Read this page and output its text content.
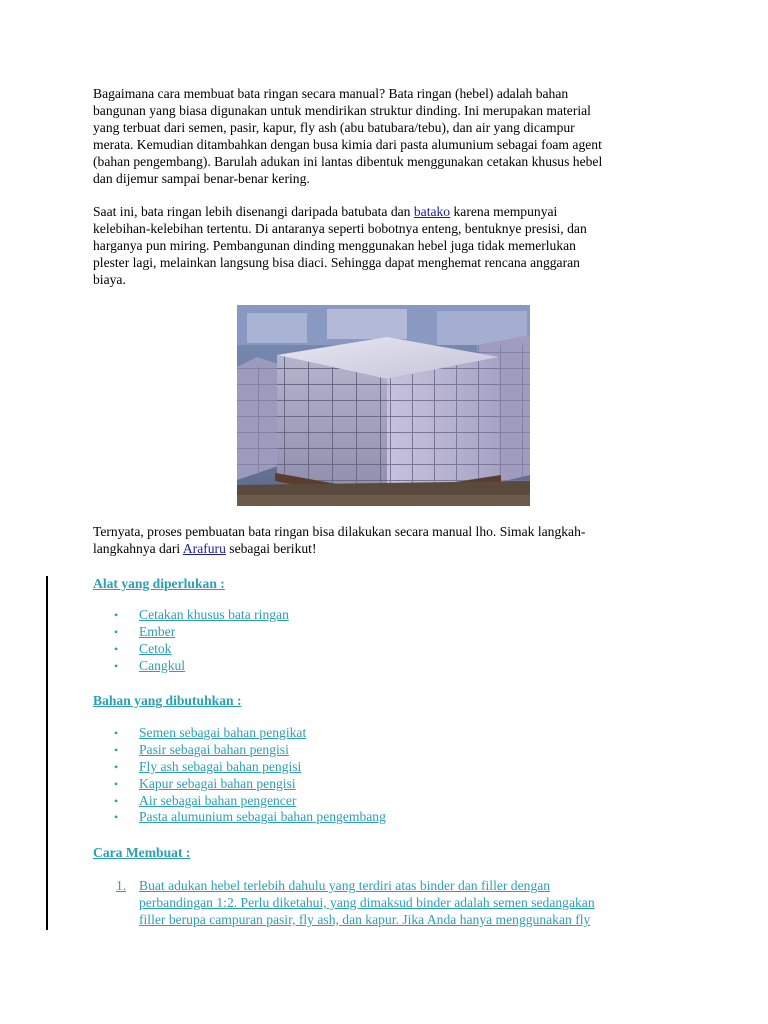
Bagaimana cara membuat bata ringan secara manual? Bata ringan (hebel) adalah bahan
bangunan yang biasa digunakan untuk mendirikan struktur dinding. Ini merupakan material
yang terbuat dari semen, pasir, kapur, fly ash (abu batubara/tebu), dan air yang dicampur
merata. Kemudian ditambahkan dengan busa kimia dari pasta alumunium sebagai foam agent
(bahan pengembang). Barulah adukan ini lantas dibentuk menggunakan cetakan khusus hebel
dan dijemur sampai benar-benar kering.

Saat ini, bata ringan lebih disenangi daripada batubata dan batako karena mempunyai
kelebihan-kelebihan tertentu. Di antaranya seperti bobotnya enteng, bentuknye presisi, dan
harganya pun miring. Pembangunan dinding menggunakan hebel juga tidak memerlukan
plester lagi, melainkan langsung bisa diaci. Sehingga dapat menghemat rencana anggaran
biaya.

Ternyata, proses pembuatan bata ringan bisa dilakukan secara manual lho. Simak langkah-
langkahnya dari Arafuru sebagai berikut!

Alat yang diperlukan :

•	Cetakan khusus bata ringan
•	Ember
•	Cetok
•	Cangkul

Bahan yang dibutuhkan :

•	Semen sebagai bahan pengikat
•	Pasir sebagai bahan pengisi
•	Fly ash sebagai bahan pengisi
•	Kapur sebagai bahan pengisi
•	Air sebagai bahan pengencer
•	Pasta alumunium sebagai bahan pengembang

Cara Membuat :

1. Buat adukan hebel terlebih dahulu yang terdiri atas binder dan filler dengan
perbandingan 1:2. Perlu diketahui, yang dimaksud binder adalah semen sedangakan
filler berupa campuran pasir, fly ash, dan kapur. Jika Anda hanya menggunakan fly
